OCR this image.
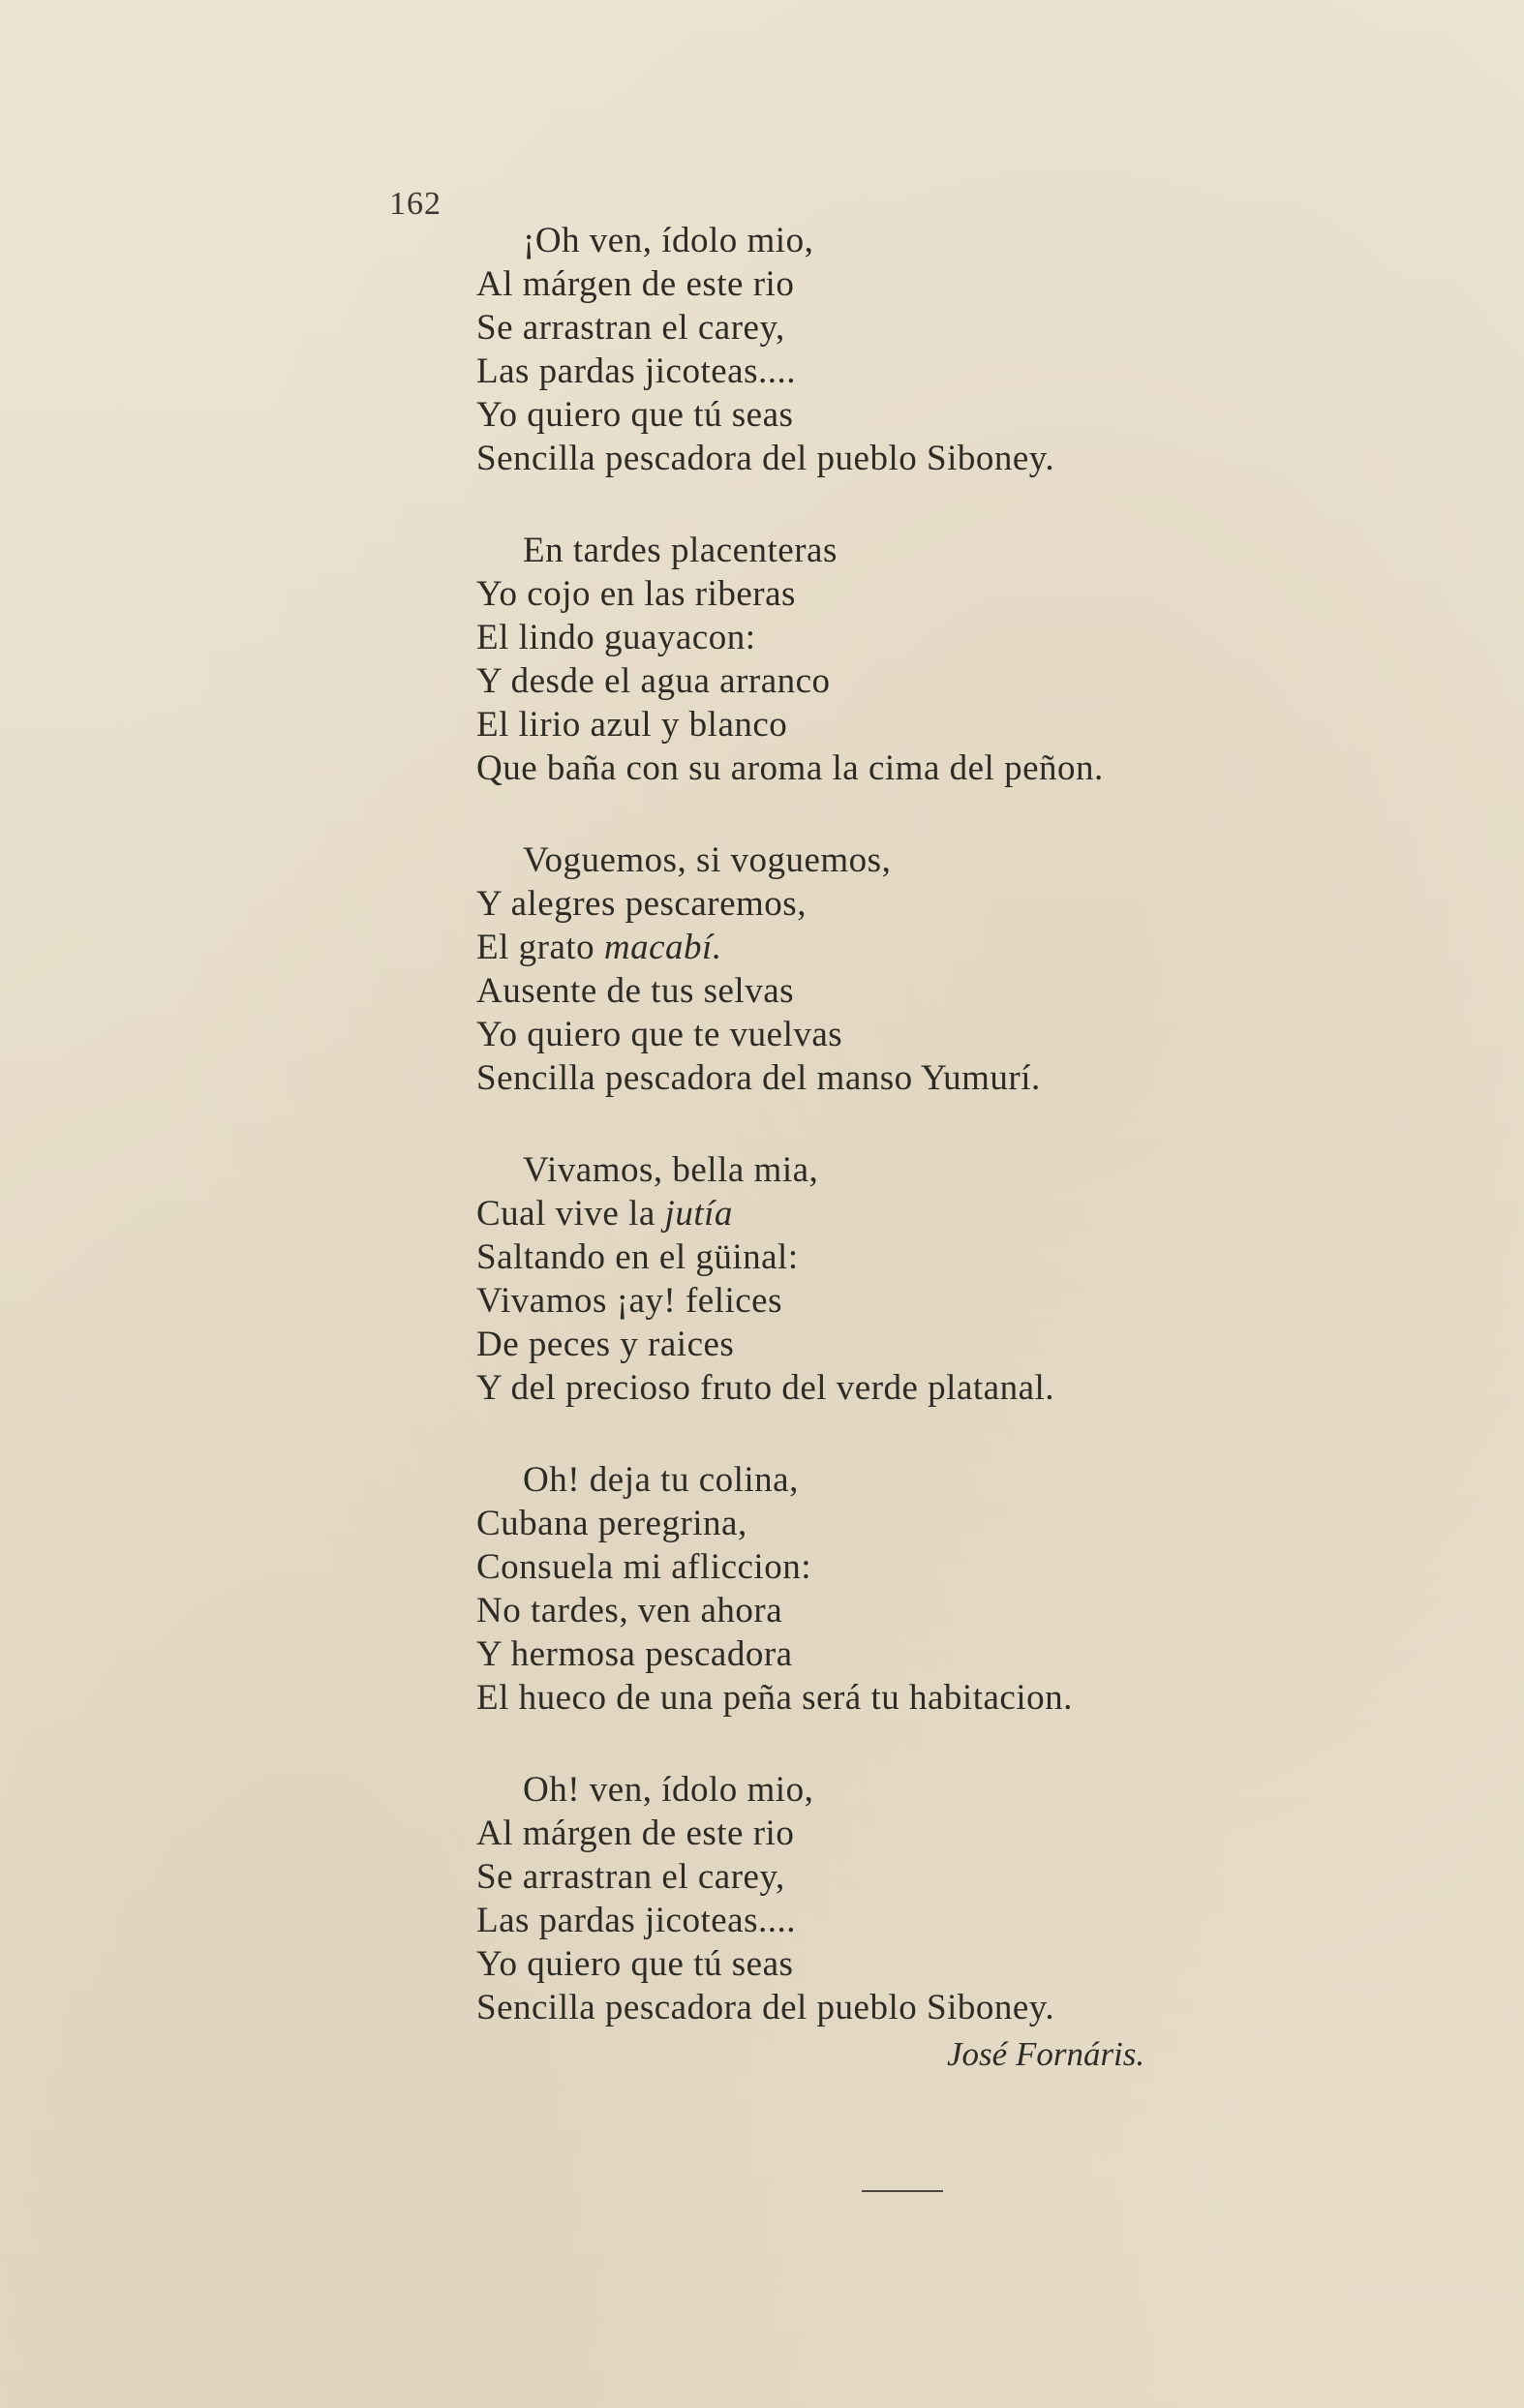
162
¡Oh ven, ídolo mio,
Al márgen de este rio
Se arrastran el carey,
Las pardas jicoteas....
Yo quiero que tú seas
Sencilla pescadora del pueblo Siboney.
En tardes placenteras
Yo cojo en las riberas
El lindo guayacon:
Y desde el agua arranco
El lirio azul y blanco
Que baña con su aroma la cima del peñon.
Voguemos, si voguemos,
Y alegres pescaremos,
El grato macabí.
Ausente de tus selvas
Yo quiero que te vuelvas
Sencilla pescadora del manso Yumurí.
Vivamos, bella mia,
Cual vive la jutía
Saltando en el güinal:
Vivamos ¡ay! felices
De peces y raices
Y del precioso fruto del verde platanal.
Oh! deja tu colina,
Cubana peregrina,
Consuela mi afliccion:
No tardes, ven ahora
Y hermosa pescadora
El hueco de una peña será tu habitacion.
Oh! ven, ídolo mio,
Al márgen de este rio
Se arrastran el carey,
Las pardas jicoteas....
Yo quiero que tú seas
Sencilla pescadora del pueblo Siboney.
José Fornáris.
